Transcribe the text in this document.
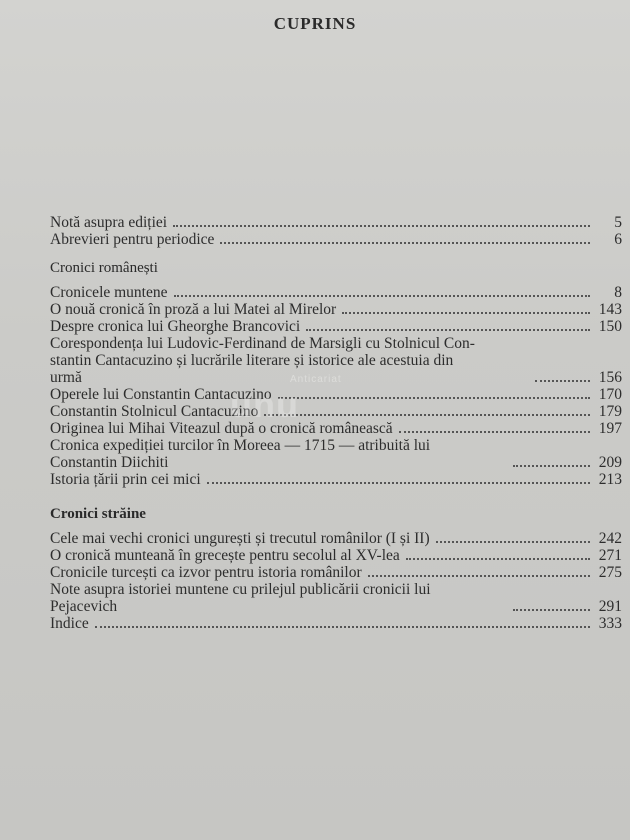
CUPRINS
Notă asupra ediției	5
Abrevieri pentru periodice	6
Cronici românești
Cronicele muntene	8
O nouă cronică în proză a lui Matei al Mirelor	143
Despre cronica lui Gheorghe Brancovici	150
Corespondența lui Ludovic-Ferdinand de Marsigli cu Stolnicul Con-
stantin Cantacuzino și lucrările literare și istorice ale acestuia din
urmă	156
Operele lui Constantin Cantacuzino	170
Constantin Stolnicul Cantacuzino	179
Originea lui Mihai Viteazul după o cronică românească	197
Cronica expediției turcilor în Moreea — 1715 — atribuită lui
Constantin Diichiti	209
Istoria țării prin cei mici	213
Cronici străine
Cele mai vechi cronici ungurești și trecutul românilor (I și II)	242
O cronică munteană în grecește pentru secolul al XV-lea	271
Cronicile turcești ca izvor pentru istoria românilor	275
Note asupra istoriei muntene cu prilejul publicării cronicii lui
Pejacevich	291
Indice	333
unu
Anticariat
